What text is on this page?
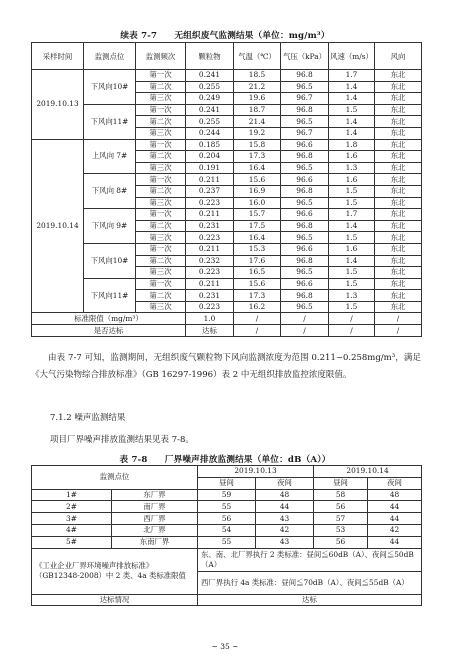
续表 7-7 无组织废气监测结果（单位：mg/m³）
采样时间	监测点位	监测频次	颗粒物	气温（℃）	气压（kPa）	风速（m/s）	风向
2019.10.13	下风向10#	第一次	0.241	18.5	96.8	1.7	东北
		第二次	0.255	21.2	96.5	1.4	东北
		第三次	0.249	19.6	96.7	1.4	东北
	下风向11#	第一次	0.241	18.7	96.8	1.5	东北
		第二次	0.255	21.4	96.5	1.4	东北
		第三次	0.244	19.2	96.7	1.4	东北
2019.10.14	上风向 7#	第一次	0.185	15.8	96.6	1.8	东北
		第二次	0.204	17.3	96.8	1.6	东北
		第三次	0.191	16.4	96.5	1.3	东北
	下风向 8#	第一次	0.211	15.6	96.6	1.6	东北
		第二次	0.237	16.9	96.8	1.5	东北
		第三次	0.223	16.0	96.5	1.5	东北
	下风向 9#	第一次	0.211	15.7	96.6	1.7	东北
		第二次	0.231	17.5	96.8	1.4	东北
		第三次	0.223	16.4	96.5	1.5	东北
	下风向10#	第一次	0.211	15.3	96.6	1.6	东北
		第二次	0.232	17.6	96.8	1.4	东北
		第三次	0.223	16.5	96.5	1.5	东北
	下风向11#	第一次	0.211	15.6	96.6	1.5	东北
		第二次	0.231	17.3	96.8	1.3	东北
		第三次	0.223	16.2	96.5	1.5	东北
标准限值（mg/m³）			1.0	/	/	/	/
是否达标			达标	/	/	/	/

由表 7-7 可知，监测期间，无组织废气颗粒物下风向监测浓度为范围 0.211~0.258mg/m³，满足《大气污染物综合排放标准》（GB 16297-1996）表 2 中无组织排放监控浓度限值。

7.1.2 噪声监测结果

项目厂界噪声排放监测结果见表 7-8。

表 7-8 厂界噪声排放监测结果（单位：dB（A））
监测点位		2019.10.13		2019.10.14	
		昼间	夜间	昼间	夜间
1#	东厂界	59	48	58	48
2#	南厂界	55	44	56	44
3#	西厂界	56	43	57	44
4#	北厂界	54	42	53	42
5#	东南厂界	55	43	56	44
《工业企业厂界环境噪声排放标准》（GB12348-2008）中 2 类、4a 类标准限值		东、南、北厂界执行 2 类标准：昼间≦60dB（A）、夜间≦50dB（A）			
		西厂界执行 4a 类标准：昼间≦70dB（A）、夜间≦55dB（A）			
达标情况		达标			
~ 35 ~
